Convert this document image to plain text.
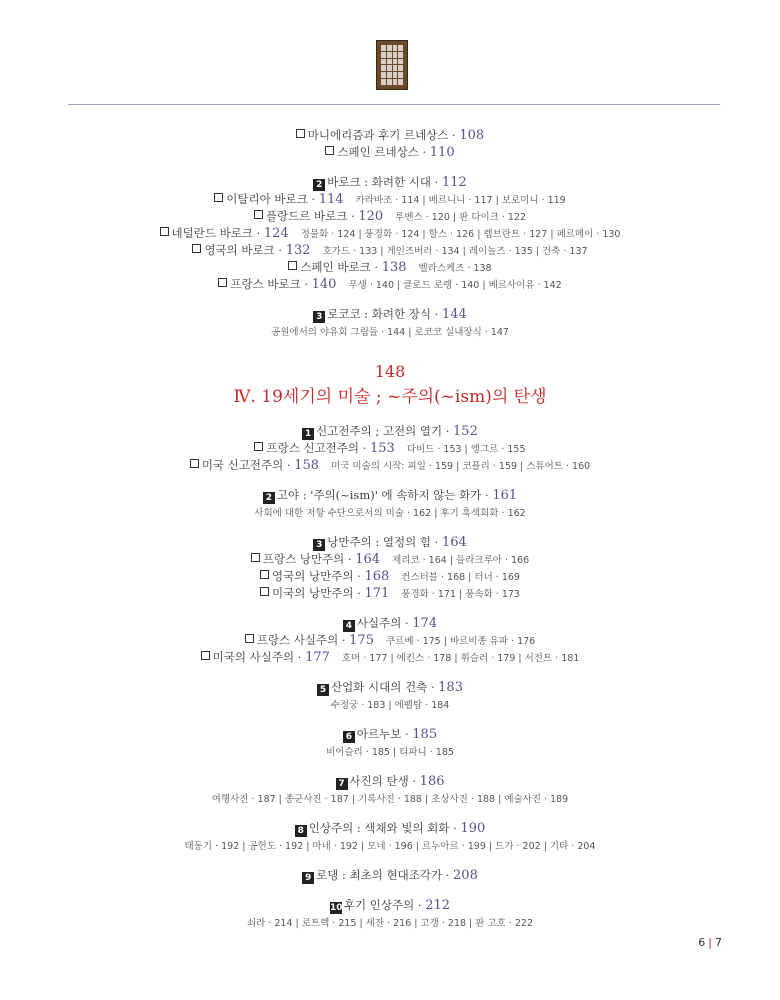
마니에리즘과 후기 르네상스 · 108
스페인 르네상스 · 110
2 바로크 : 화려한 시대 · 112
이탈리아 바로크 · 114 카라바조 · 114 | 베르니니 · 117 | 보로미니 · 119
플랑드르 바로크 · 120 루벤스 · 120 | 판 다이크 · 122
네덜란드 바로크 · 124 정물화 · 124 | 풍경화 · 124 | 할스 · 126 | 렘브란트 · 127 | 페르메이 · 130
영국의 바로크 · 132 호가드 · 133 | 게인즈버러 · 134 | 레이놀즈 · 135 | 건축 · 137
스페인 바로크 · 138 벨라스케즈 · 138
프랑스 바로크 · 140 푸생 · 140 | 클로드 로랭 · 140 | 베르사이유 · 142
3 로코코 : 화려한 장식 · 144
공원에서의 야유회 그림들 · 144 | 로코코 실내장식 · 147
148
Ⅳ. 19세기의 미술 ; ~주의(~ism)의 탄생
1 신고전주의 ; 고전의 열기 · 152
프랑스 신고전주의 · 153 다비드 · 153 | 앵그르 · 155
미국 신고전주의 · 158 미국 미술의 시작: 피일 · 159 | 코플리 · 159 | 스튜어트 · 160
2 고야 : '주의(~ism)' 에 속하지 않는 화가 · 161
사회에 대한 저항 수단으로서의 미술 · 162 | 후기 흑색회화 · 162
3 낭만주의 : 열정의 힘 · 164
프랑스 낭만주의 · 164 제리코 · 164 | 들라크루아 · 166
영국의 낭만주의 · 168 컨스터블 · 168 | 터너 · 169
미국의 낭만주의 · 171 풍경화 · 171 | 풍속화 · 173
4 사실주의 · 174
프랑스 사실주의 · 175 쿠르베 · 175 | 바르비종 유파 · 176
미국의 사실주의 · 177 호머 · 177 | 에킨스 · 178 | 휘슬러 · 179 | 서전트 · 181
5 산업화 시대의 건축 · 183
수정궁 · 183 | 에펠탑 · 184
6 아르누보 · 185
비어슬리 · 185 | 티파니 · 185
7 사진의 탄생 · 186
여행사진 · 187 | 종군사진 · 187 | 기록사진 · 188 | 초상사진 · 188 | 예술사진 · 189
8 인상주의 : 색채와 빛의 회화 · 190
태동기 · 192 | 공헌도 · 192 | 마네 · 192 | 모네 · 196 | 르누아르 · 199 | 드가 · 202 | 기타 · 204
9 로댕 : 최초의 현대조각가 · 208
10후기 인상주의 · 212
쇠라 · 214 | 로트렉 · 215 | 세잔 · 216 | 고갱 · 218 | 판 고흐 · 222
6 | 7
